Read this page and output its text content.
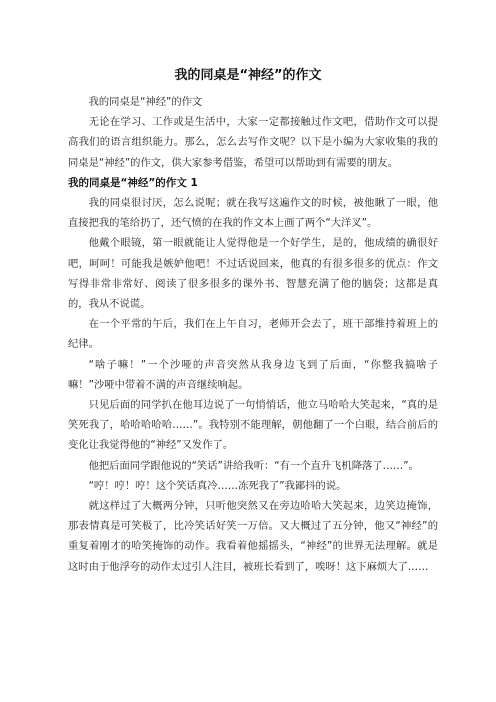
我的同桌是“神经”的作文

我的同桌是“神经”的作文

无论在学习、工作或是生活中，大家一定都接触过作文吧，借助作文可以提高我们的语言组织能力。那么，怎么去写作文呢？以下是小编为大家收集的我的同桌是“神经”的作文，供大家参考借鉴，希望可以帮助到有需要的朋友。

我的同桌是“神经”的作文 1

我的同桌很讨厌，怎么说呢；就在我写这遍作文的时候，被他瞅了一眼，他直接把我的笔给扔了，还气愤的在我的作文本上画了两个“大洋叉”。

他戴个眼镜，第一眼就能让人觉得他是一个好学生，是的，他成绩的确很好吧，呵呵！可能我是嫉妒他吧！不过话说回来，他真的有很多很多的优点：作文写得非常非常好、阅读了很多很多的课外书、智慧充满了他的脑袋；这都是真的，我从不说谎。

在一个平常的午后，我们在上午自习，老师开会去了，班干部维持着班上的纪律。

“啥子嘛！”一个沙哑的声音突然从我身边飞到了后面，“你整我搞啥子嘛！”沙哑中带着不满的声音继续响起。

只见后面的同学扒在他耳边说了一句悄悄话，他立马哈哈大笑起来，“真的是笑死我了，哈哈哈哈哈……”。我特别不能理解，朝他翻了一个白眼，结合前后的变化让我觉得他的“神经”又发作了。

他把后面同学跟他说的“笑话”讲给我听：“有一个直升飞机降落了……”。

“哼！哼！哼！这个笑话真冷……冻死我了”我鄙抖的说。

就这样过了大概两分钟，只听他突然又在旁边哈哈大笑起来，边笑边掩饰，那表情真是可笑极了，比冷笑话好笑一万倍。又大概过了五分钟，他又“神经”的重复着刚才的哈笑掩饰的动作。我看着他摇摇头，“神经”的世界无法理解。就是这时由于他浮夸的动作太过引人注目，被班长看到了，唉呀！这下麻烦大了……
